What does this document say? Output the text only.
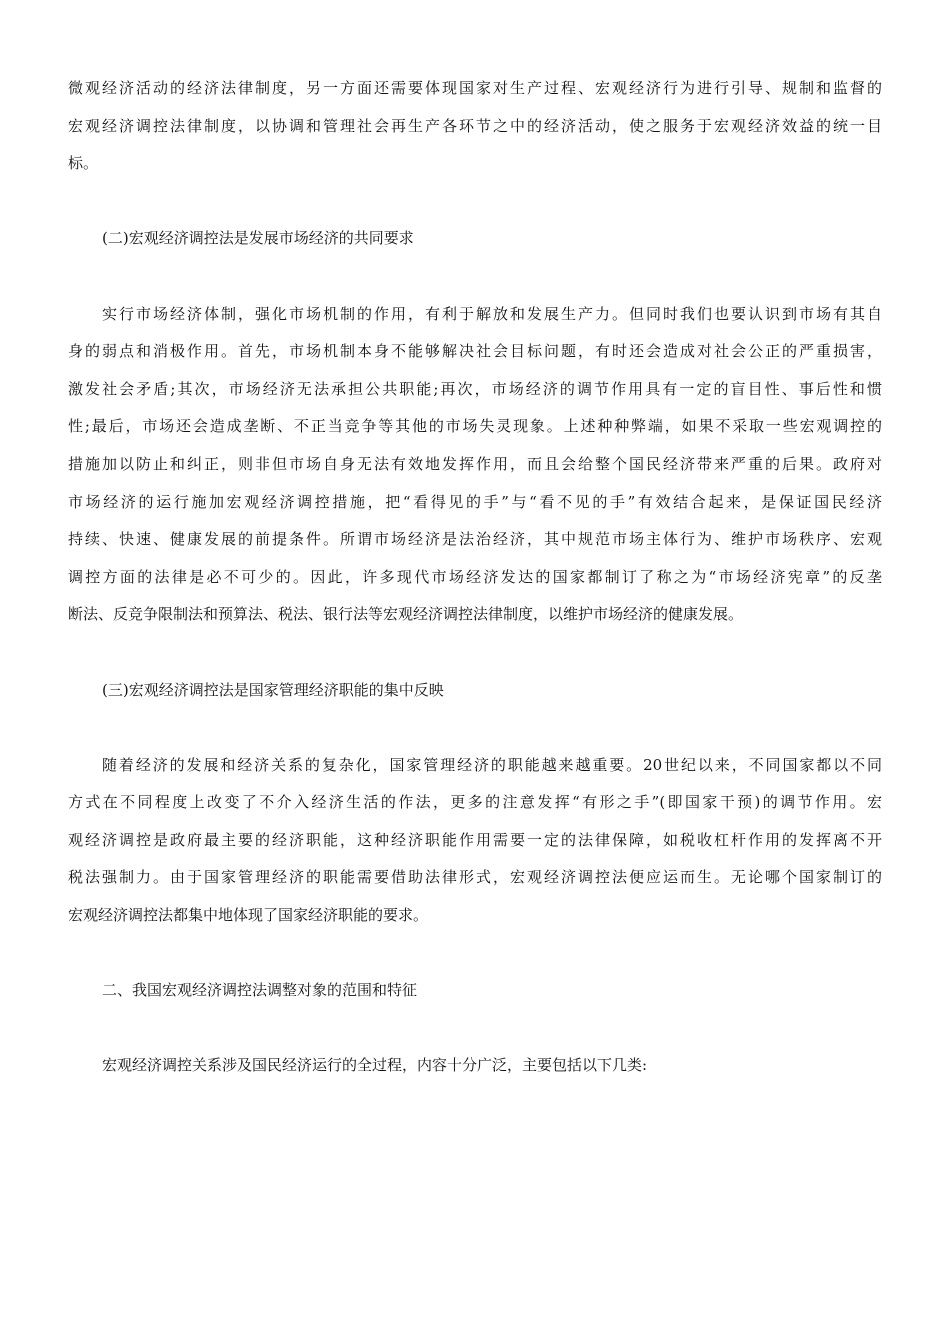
微观经济活动的经济法律制度，另一方面还需要体现国家对生产过程、宏观经济行为进行引导、规制和监督的
宏观经济调控法律制度，以协调和管理社会再生产各环节之中的经济活动，使之服务于宏观经济效益的统一目
标。
(二)宏观经济调控法是发展市场经济的共同要求
实行市场经济体制，强化市场机制的作用，有利于解放和发展生产力。但同时我们也要认识到市场有其自
身的弱点和消极作用。首先，市场机制本身不能够解决社会目标问题，有时还会造成对社会公正的严重损害，
激发社会矛盾;其次，市场经济无法承担公共职能;再次，市场经济的调节作用具有一定的盲目性、事后性和惯
性;最后，市场还会造成垄断、不正当竞争等其他的市场失灵现象。上述种种弊端，如果不采取一些宏观调控的
措施加以防止和纠正，则非但市场自身无法有效地发挥作用，而且会给整个国民经济带来严重的后果。政府对
市场经济的运行施加宏观经济调控措施，把“看得见的手”与“看不见的手”有效结合起来，是保证国民经济
持续、快速、健康发展的前提条件。所谓市场经济是法治经济，其中规范市场主体行为、维护市场秩序、宏观
调控方面的法律是必不可少的。因此，许多现代市场经济发达的国家都制订了称之为“市场经济宪章”的反垄
断法、反竞争限制法和预算法、税法、银行法等宏观经济调控法律制度，以维护市场经济的健康发展。
(三)宏观经济调控法是国家管理经济职能的集中反映
随着经济的发展和经济关系的复杂化，国家管理经济的职能越来越重要。20世纪以来，不同国家都以不同
方式在不同程度上改变了不介入经济生活的作法，更多的注意发挥“有形之手”(即国家干预)的调节作用。宏
观经济调控是政府最主要的经济职能，这种经济职能作用需要一定的法律保障，如税收杠杆作用的发挥离不开
税法强制力。由于国家管理经济的职能需要借助法律形式，宏观经济调控法便应运而生。无论哪个国家制订的
宏观经济调控法都集中地体现了国家经济职能的要求。
二、我国宏观经济调控法调整对象的范围和特征
宏观经济调控关系涉及国民经济运行的全过程，内容十分广泛，主要包括以下几类:
